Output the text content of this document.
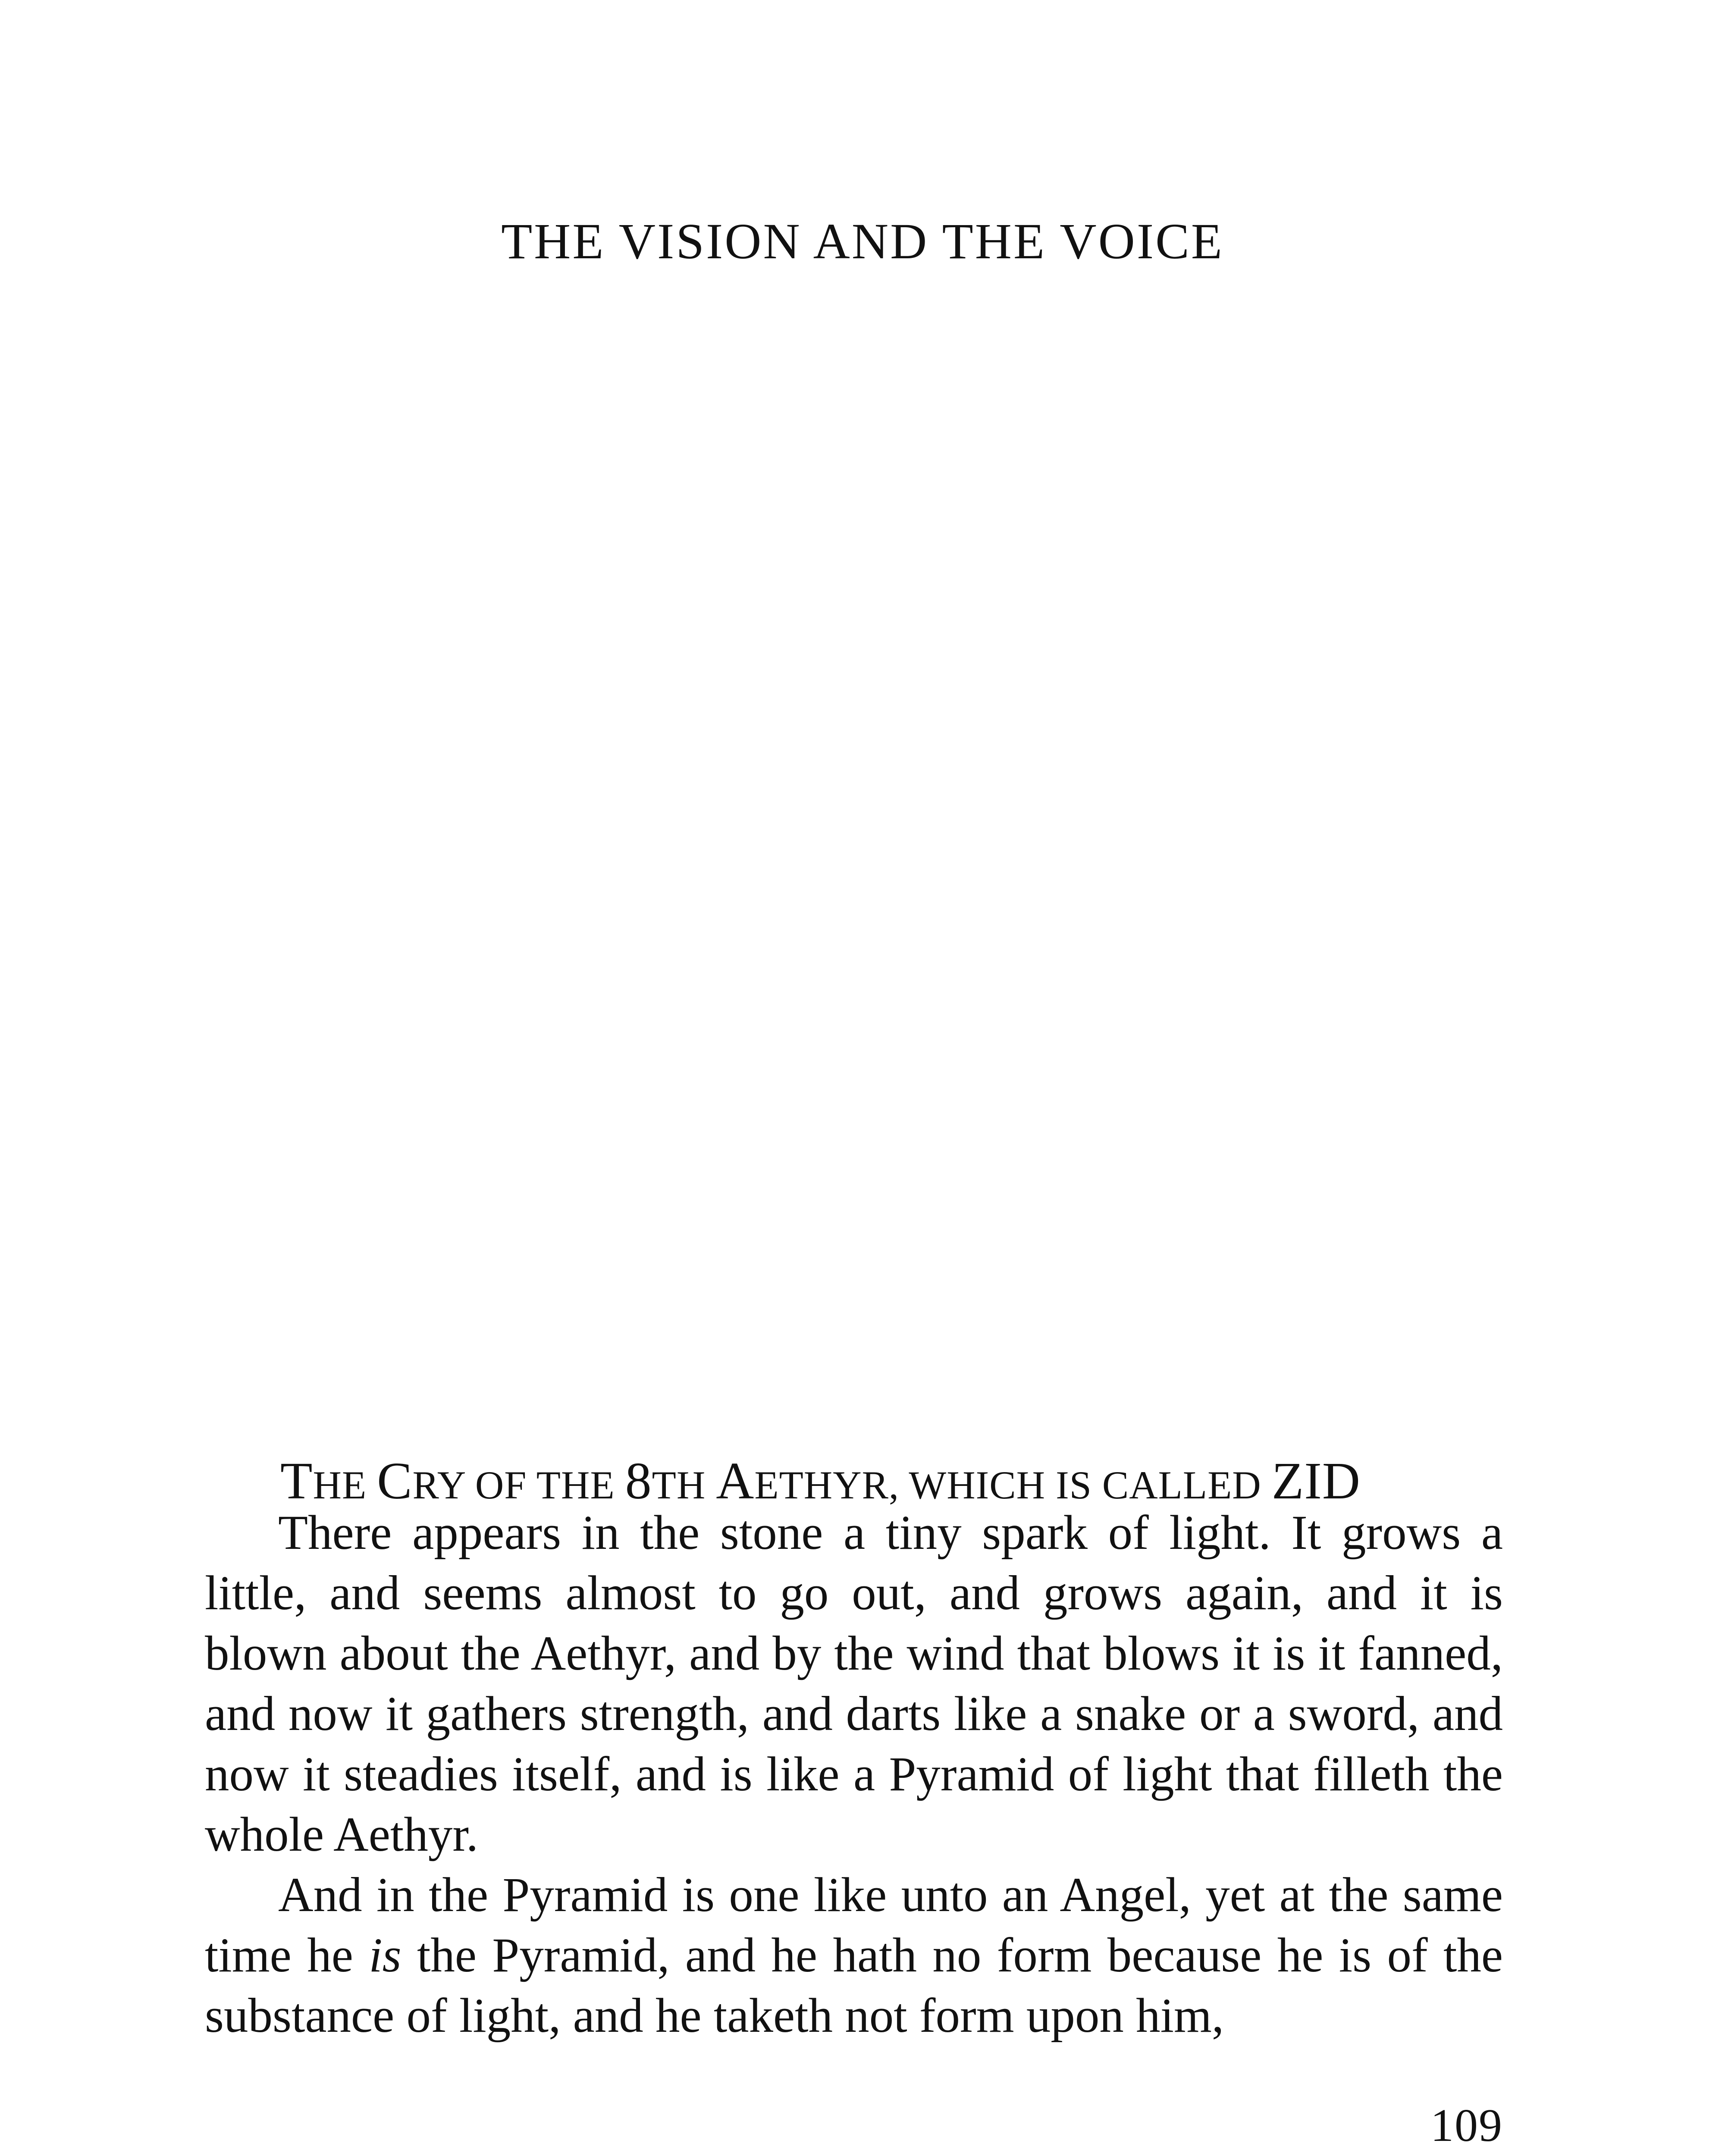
THE VISION AND THE VOICE
THE CRY OF THE 8TH AETHYR, WHICH IS CALLED ZID

There appears in the stone a tiny spark of light. It grows a little, and seems almost to go out, and grows again, and it is blown about the Aethyr, and by the wind that blows it is it fanned, and now it gathers strength, and darts like a snake or a sword, and now it steadies itself, and is like a Pyramid of light that filleth the whole Aethyr.

And in the Pyramid is one like unto an Angel, yet at the same time he is the Pyramid, and he hath no form because he is of the substance of light, and he taketh not form upon him,

109
